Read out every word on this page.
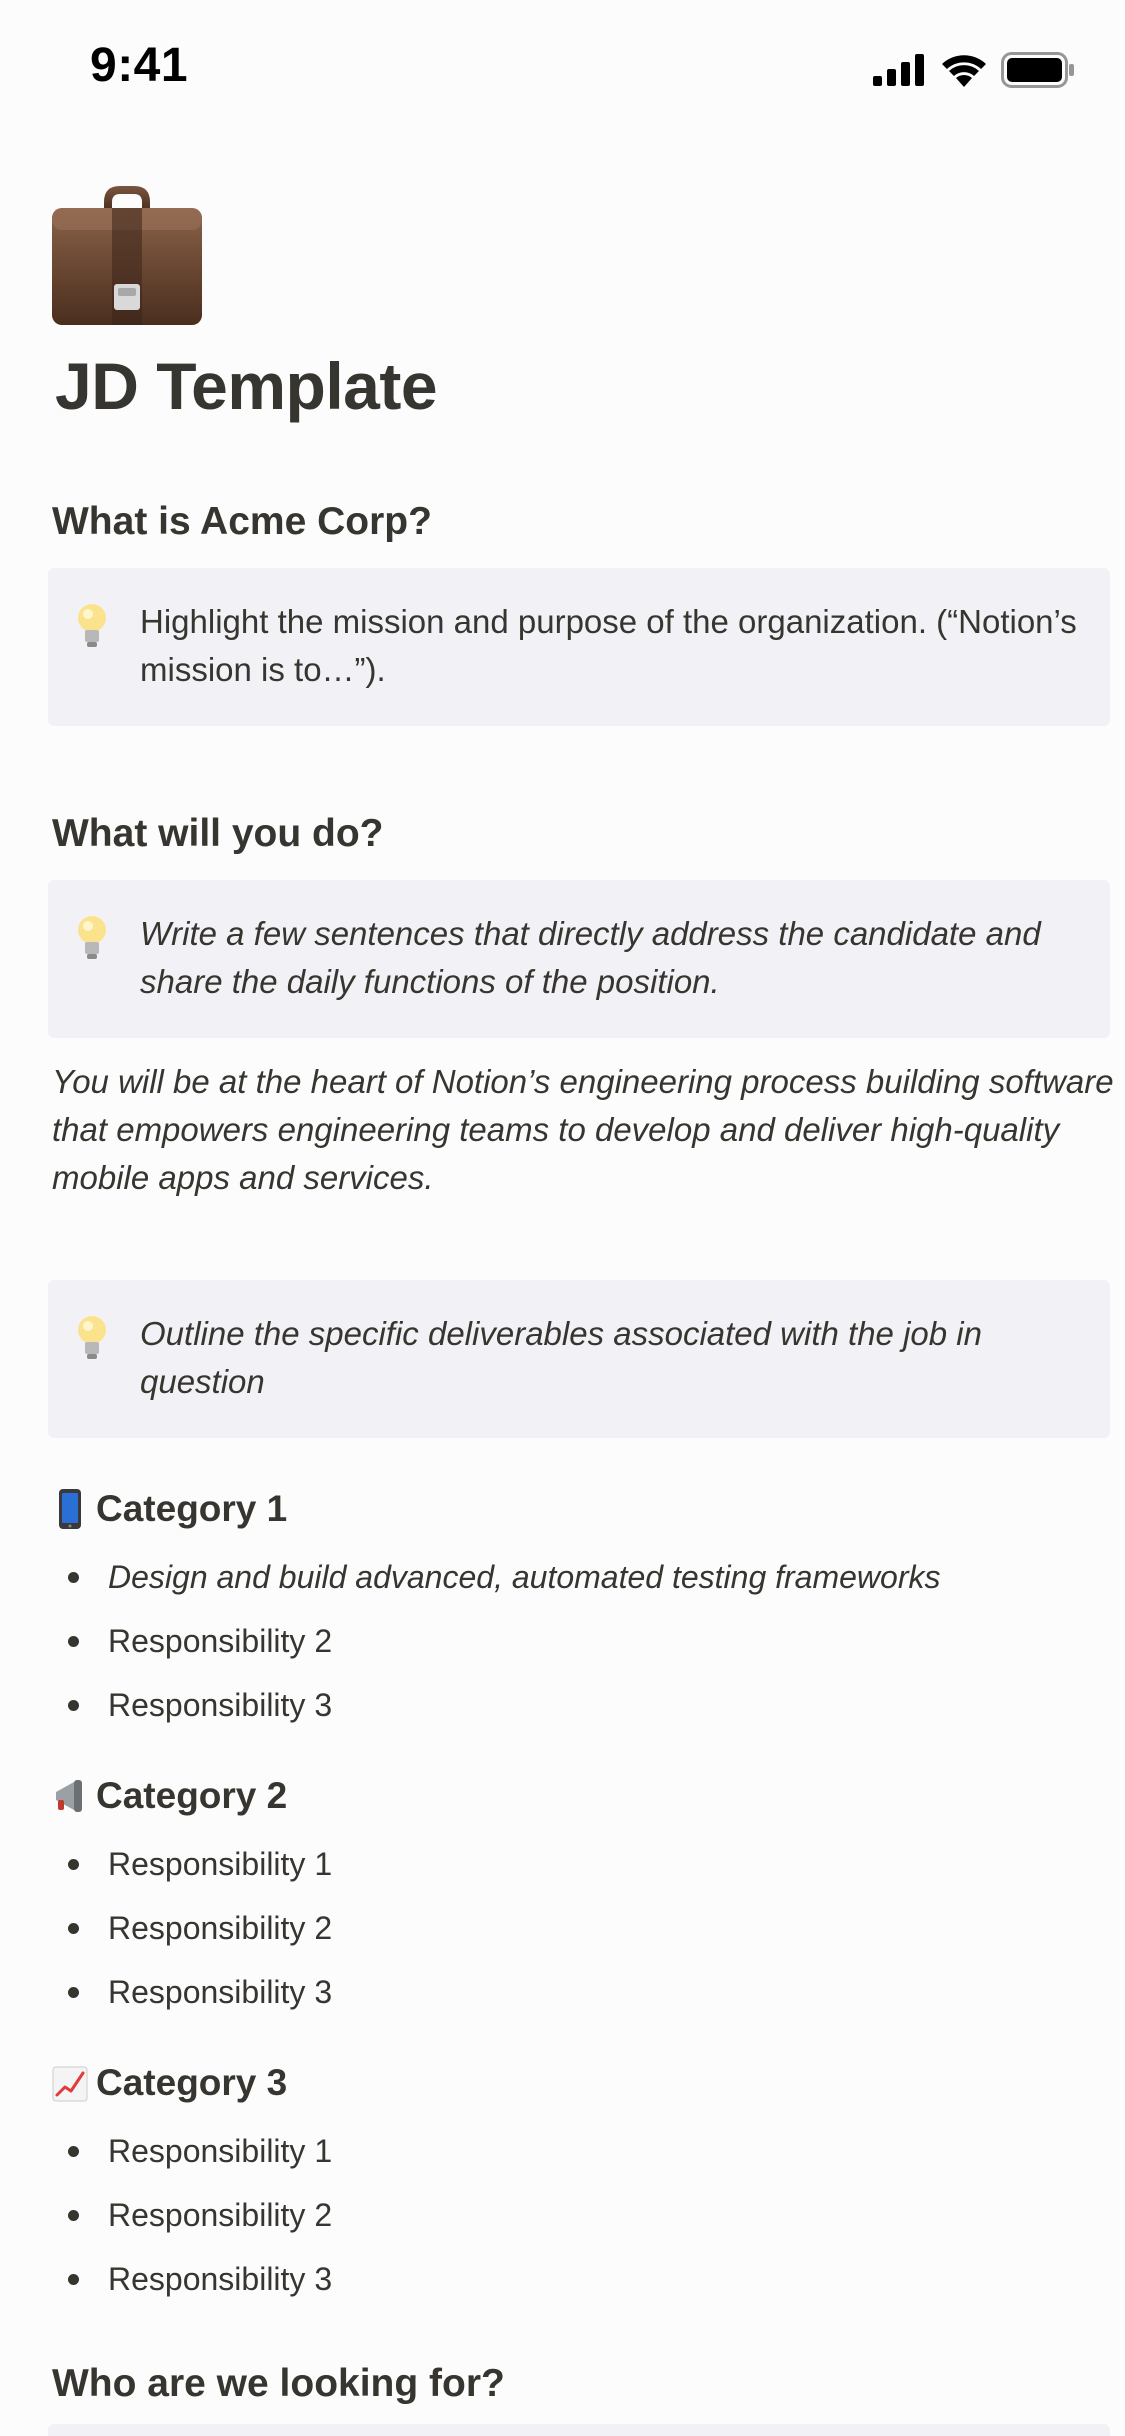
9:41
JD Template
What is Acme Corp?
Highlight the mission and purpose of the organization. (“Notion’s mission is to…”).
What will you do?
Write a few sentences that directly address the candidate and share the daily functions of the position.

You will be at the heart of Notion’s engineering process building software that empowers engineering teams to develop and deliver high-quality mobile apps and services.

Outline the specific deliverables associated with the job in question
Category 1
Design and build advanced, automated testing frameworks
Responsibility 2
Responsibility 3
Category 2
Responsibility 1
Responsibility 2
Responsibility 3
Category 3
Responsibility 1
Responsibility 2
Responsibility 3
Who are we looking for?
